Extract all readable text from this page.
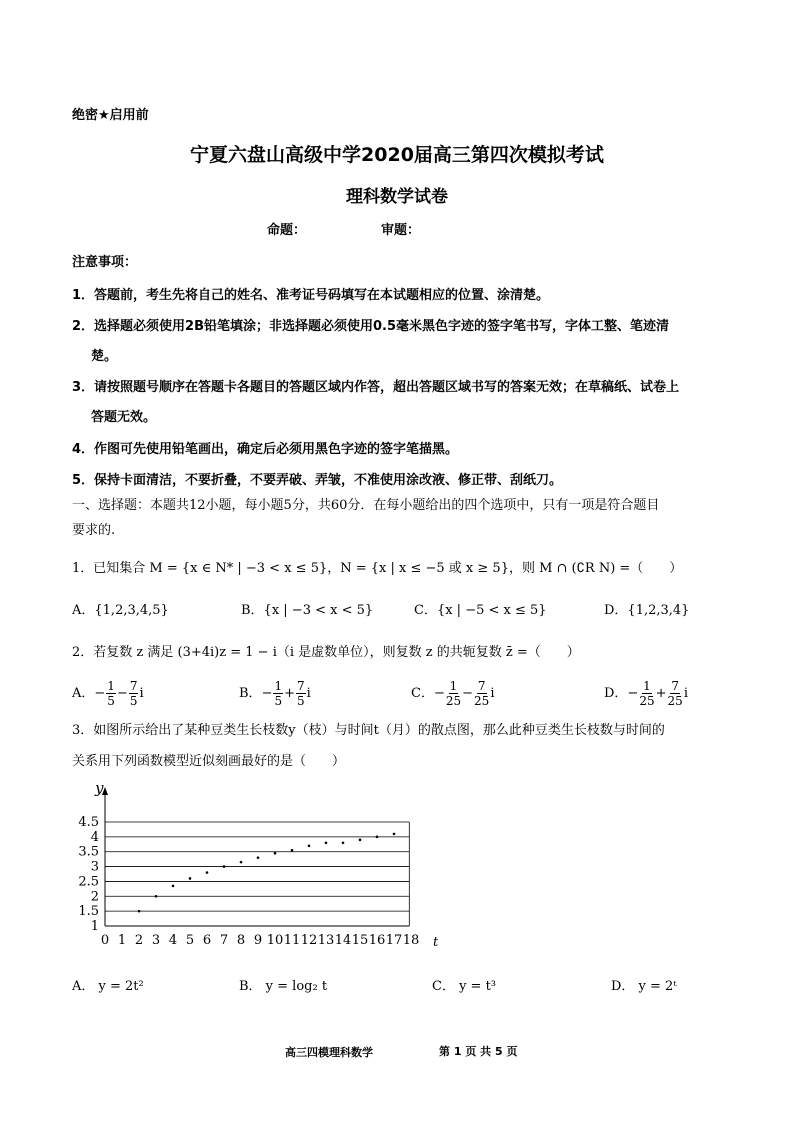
绝密★启用前
宁夏六盘山高级中学2020届高三第四次模拟考试
理科数学试卷
命题：	审题：
注意事项：
1．答题前，考生先将自己的姓名、准考证号码填写在本试题相应的位置、涂清楚。
2．选择题必须使用2B铅笔填涂；非选择题必须使用0.5毫米黑色字迹的签字笔书写，字体工整、笔迹清
楚。
3．请按照题号顺序在答题卡各题目的答题区域内作答，超出答题区域书写的答案无效；在草稿纸、试卷上
答题无效。
4．作图可先使用铅笔画出，确定后必须用黑色字迹的签字笔描黑。
5．保持卡面清洁，不要折叠，不要弄破、弄皱，不准使用涂改液、修正带、刮纸刀。
一、选择题：本题共12小题，每小题5分，共60分．在每小题给出的四个选项中，只有一项是符合题目
要求的.
1．已知集合 M = {x ∈ N* | −3 < x ≤ 5}，N = {x | x ≤ −5 或 x ≥ 5}，则 M ∩ (∁R N) =（　　）
A．{1,2,3,4,5}	B．{x | −3 < x < 5}	C．{x | −5 < x ≤ 5}	D．{1,2,3,4}
2．若复数 z 满足 (3+4i)z = 1 − i（i 是虚数单位），则复数 z 的共轭复数 z̄ =（　　）
A．− $\frac{1}{5} - \frac{7}{5}$ i	B．− $\frac{1}{5} + \frac{7}{5}$ i	C．− $\frac{1}{25} - \frac{7}{25}$ i	D．− $\frac{1}{25} + \frac{7}{25}$ i
3．如图所示给出了某种豆类生长枝数y（枝）与时间t（月）的散点图，那么此种豆类生长枝数与时间的
关系用下列函数模型近似刻画最好的是（　　）
1
1.5
2
2.5
3
3.5
4
4.5
0 1 2 3 4 5 6 7 8 9 10 11 12 13 14 15 16 17 18
y
t
A． y = 2t²	B． y = log₂ t	C． y = t³	D． y = 2ᵗ
高三四模理科数学	第 1 页 共 5 页
